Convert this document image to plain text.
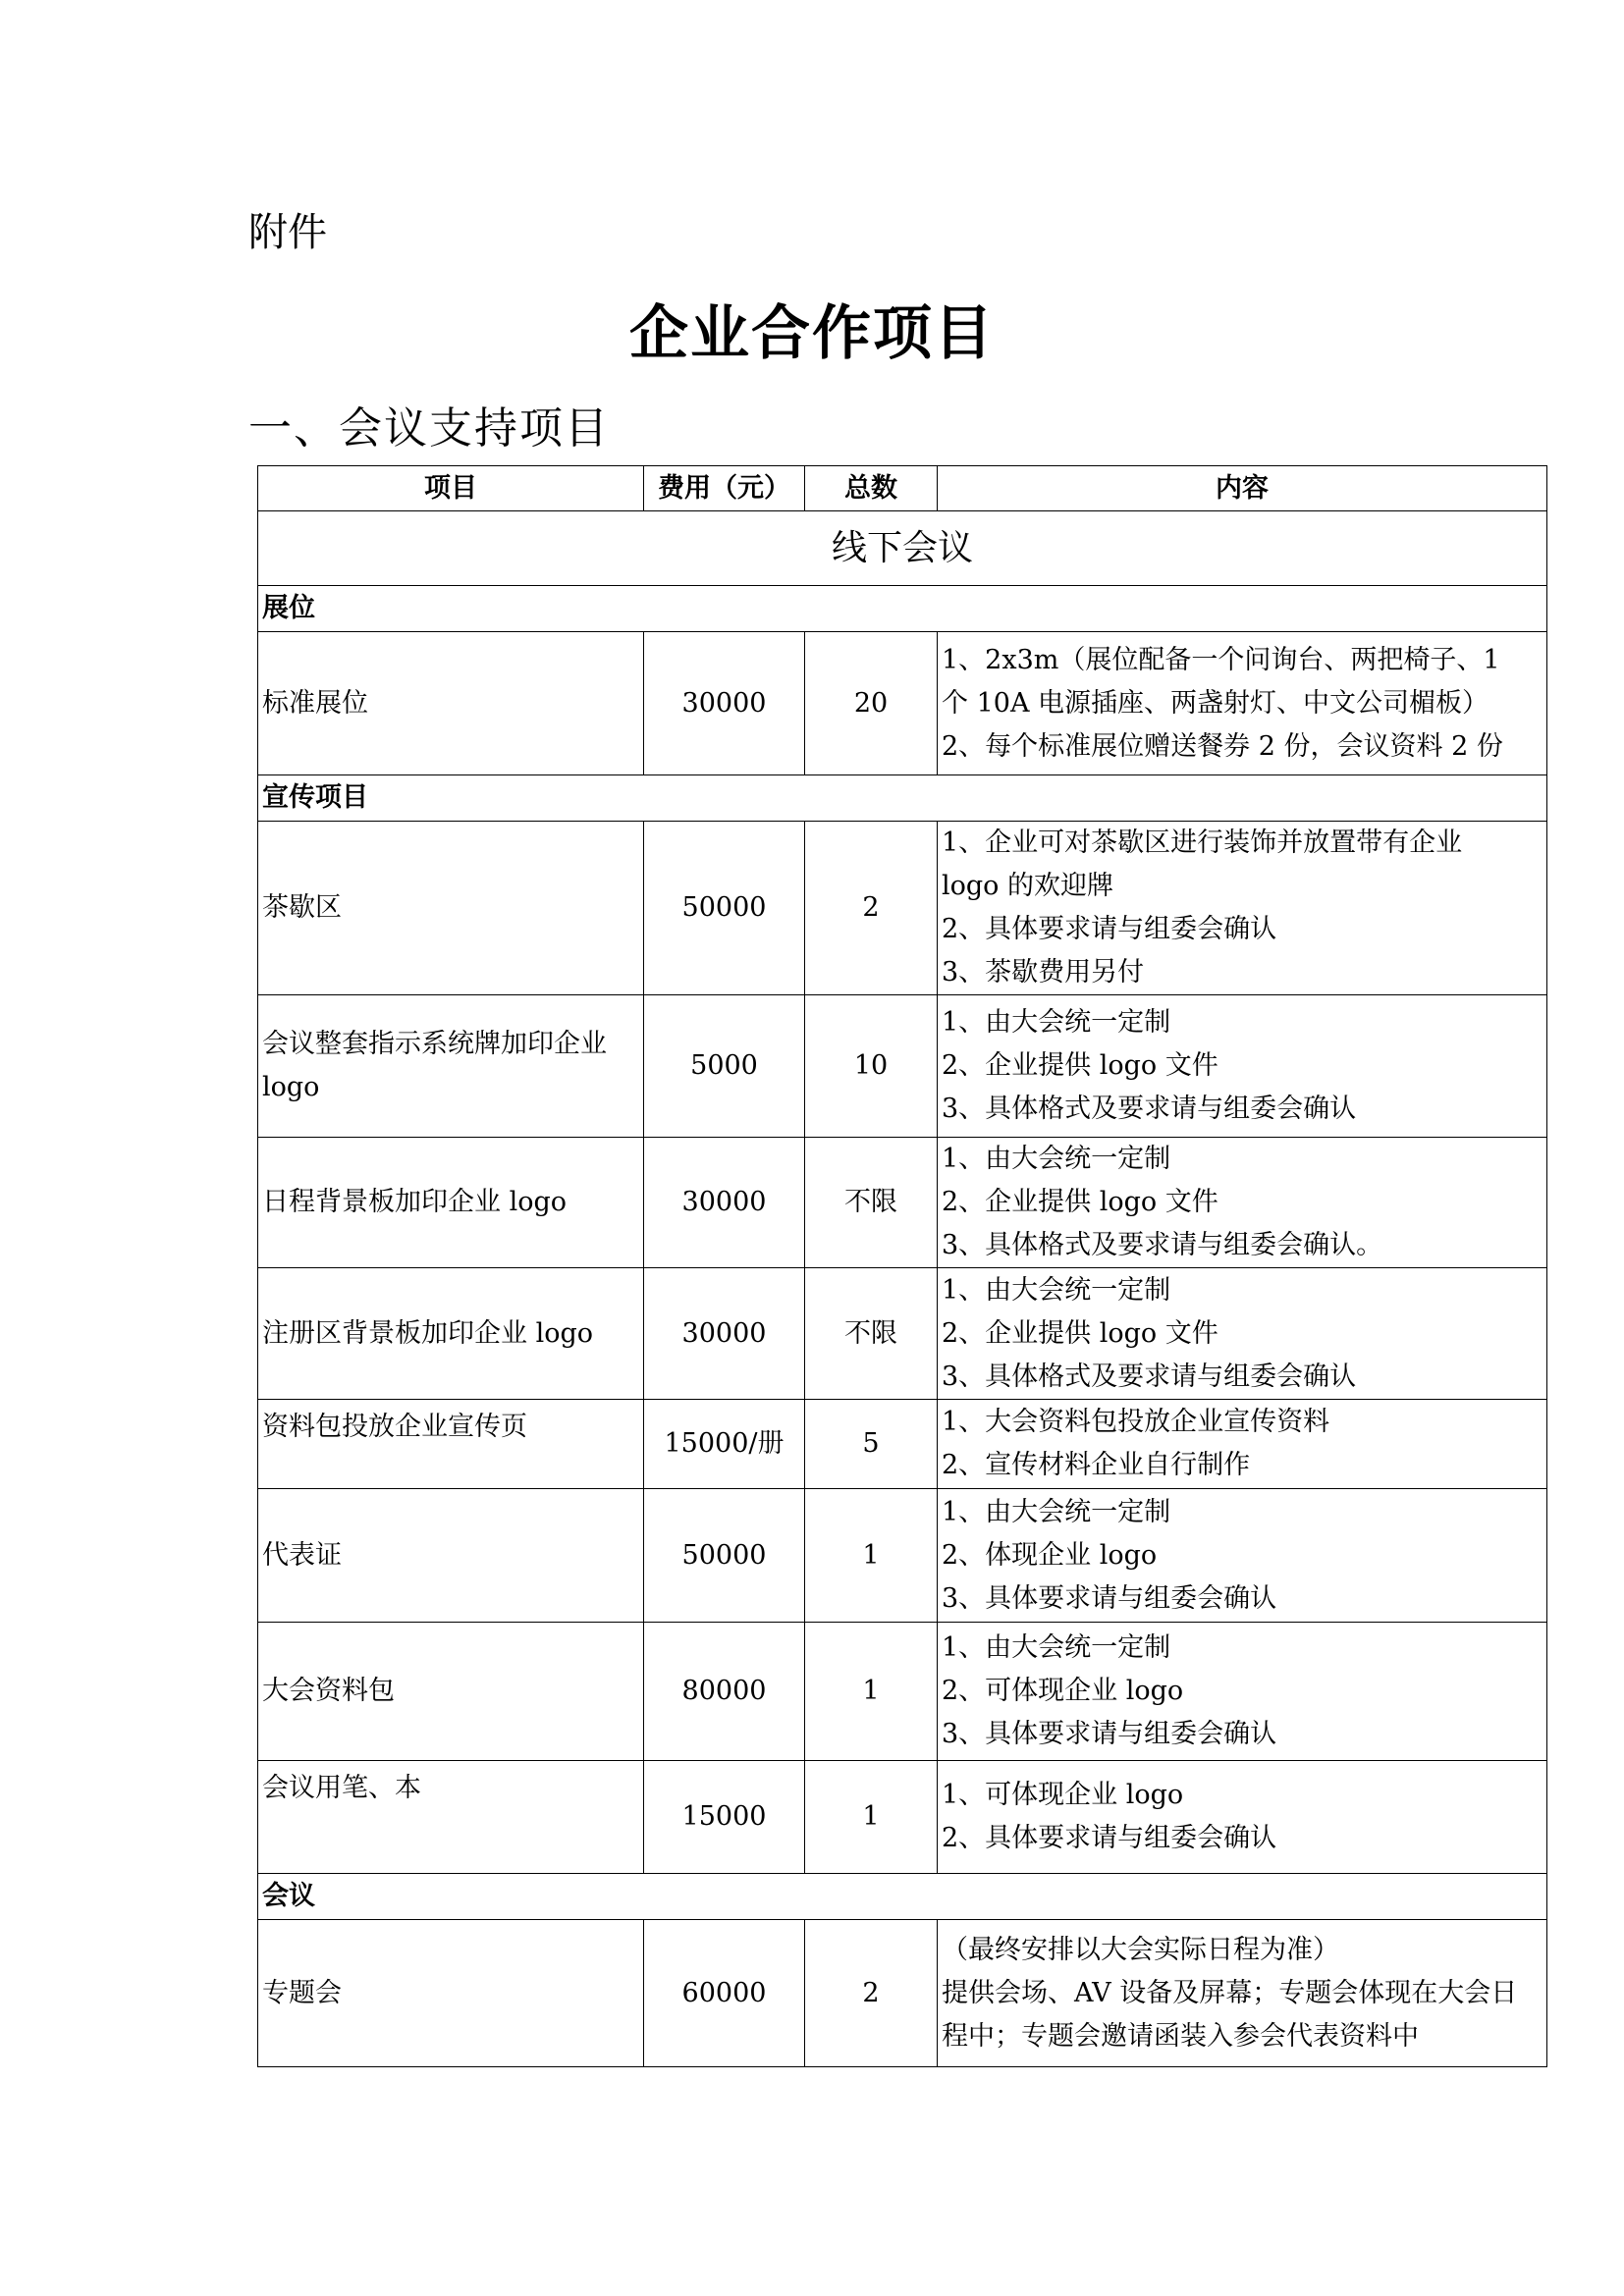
附件
企业合作项目
一、会议支持项目
项目	费用（元）	总数	内容
线下会议			
展位			
标准展位	30000	20	1、2x3m（展位配备一个问询台、两把椅子、1
个 10A 电源插座、两盏射灯、中文公司楣板）
2、每个标准展位赠送餐券 2 份，会议资料 2 份

宣传项目			
茶歇区	50000	2	1、企业可对茶歇区进行装饰并放置带有企业
logo 的欢迎牌
2、具体要求请与组委会确认
3、茶歇费用另付

会议整套指示系统牌加印企业logo	5000	10	1、由大会统一定制
2、企业提供 logo 文件
3、具体格式及要求请与组委会确认

日程背景板加印企业 logo	30000	不限	1、由大会统一定制
2、企业提供 logo 文件
3、具体格式及要求请与组委会确认。

注册区背景板加印企业 logo	30000	不限	1、由大会统一定制
2、企业提供 logo 文件
3、具体格式及要求请与组委会确认

资料包投放企业宣传页	15000/册	5	1、大会资料包投放企业宣传资料
2、宣传材料企业自行制作

代表证	50000	1	1、由大会统一定制
2、体现企业 logo
3、具体要求请与组委会确认

大会资料包	80000	1	1、由大会统一定制
2、可体现企业 logo
3、具体要求请与组委会确认

会议用笔、本	15000	1	1、可体现企业 logo
2、具体要求请与组委会确认

会议			
专题会	60000	2	（最终安排以大会实际日程为准）
提供会场、AV 设备及屏幕；专题会体现在大会日
程中；专题会邀请函装入参会代表资料中
